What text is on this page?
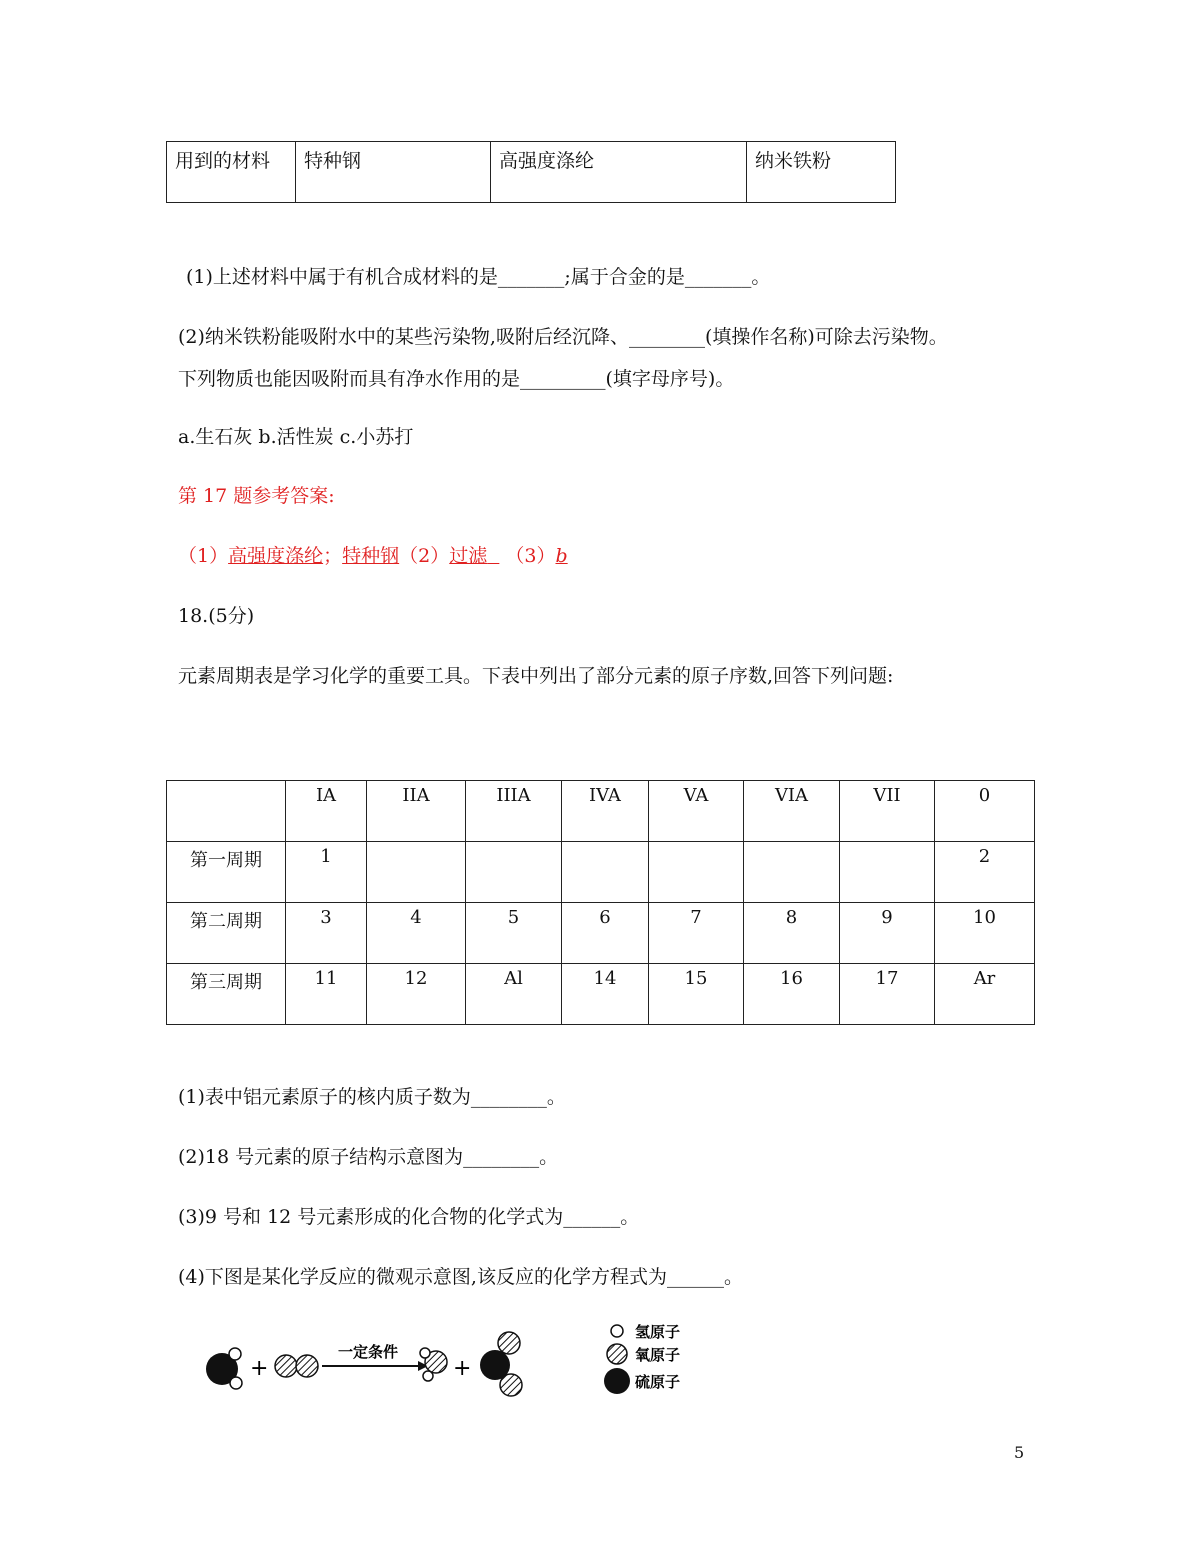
用到的材料	特种钢	高强度涤纶	纳米铁粉
(1)上述材料中属于有机合成材料的是_______;属于合金的是_______。
(2)纳米铁粉能吸附水中的某些污染物,吸附后经沉降、________(填操作名称)可除去污染物。
下列物质也能因吸附而具有净水作用的是_________(填字母序号)。
a.生石灰 b.活性炭 c.小苏打
第 17 题参考答案:
（1）高强度涤纶；特种钢（2）过滤 （3）b
18.(5分)
元素周期表是学习化学的重要工具。下表中列出了部分元素的原子序数,回答下列问题:
	IA	IIA	IIIA	IVA	VA	VIA	VII	0
第一周期	1							2
第二周期	3	4	5	6	7	8	9	10
第三周期	11	12	Al	14	15	16	17	Ar
(1)表中铝元素原子的核内质子数为________。
(2)18 号元素的原子结构示意图为________。
(3)9 号和 12 号元素形成的化合物的化学式为______。
(4)下图是某化学反应的微观示意图,该反应的化学方程式为______。
+
一定条件
+
氢原子
氧原子
硫原子
5
